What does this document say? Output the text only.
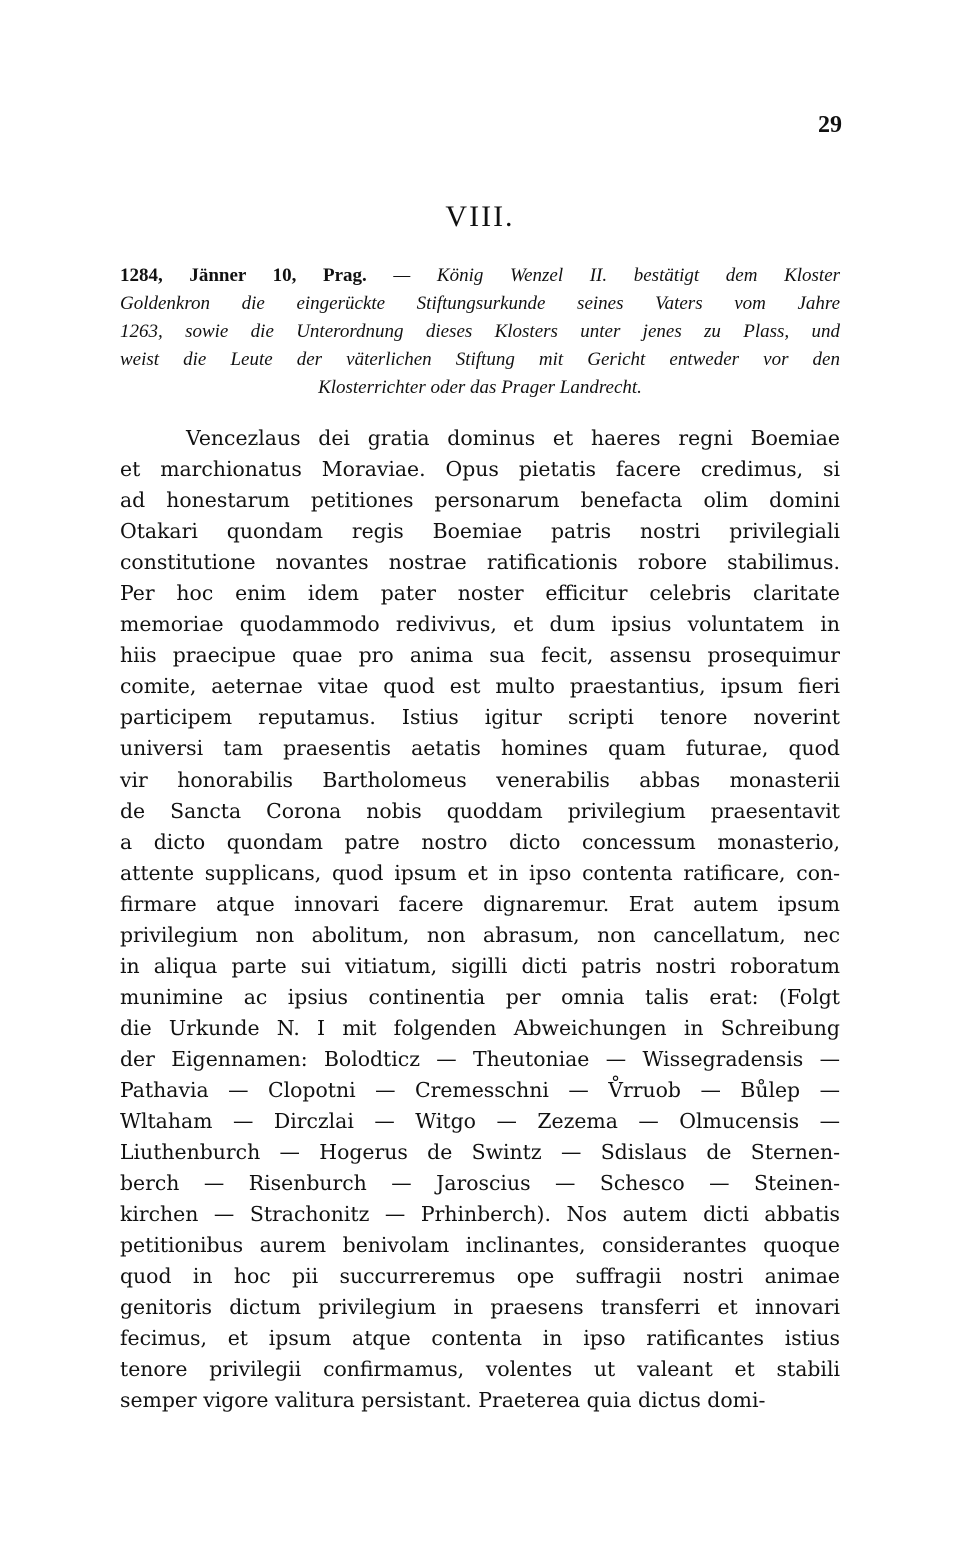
29
VIII.
1284, Jänner 10, Prag. — König Wenzel II. bestätigt dem Kloster
Goldenkron die eingerückte Stiftungsurkunde seines Vaters vom Jahre
1263, sowie die Unterordnung dieses Klosters unter jenes zu Plass, und
weist die Leute der väterlichen Stiftung mit Gericht entweder vor den
Klosterrichter oder das Prager Landrecht.
Vencezlaus dei gratia dominus et haeres regni Boemiae
et marchionatus Moraviae. Opus pietatis facere credimus, si
ad honestarum petitiones personarum benefacta olim domini
Otakari quondam regis Boemiae patris nostri privilegiali
constitutione novantes nostrae ratificationis robore stabilimus.
Per hoc enim idem pater noster efficitur celebris claritate
memoriae quodammodo redivivus, et dum ipsius voluntatem in
hiis praecipue quae pro anima sua fecit, assensu prosequimur
comite, aeternae vitae quod est multo praestantius, ipsum fieri
participem reputamus. Istius igitur scripti tenore noverint
universi tam praesentis aetatis homines quam futurae, quod
vir honorabilis Bartholomeus venerabilis abbas monasterii
de Sancta Corona nobis quoddam privilegium praesentavit
a dicto quondam patre nostro dicto concessum monasterio,
attente supplicans, quod ipsum et in ipso contenta ratificare, con-
firmare atque innovari facere dignaremur. Erat autem ipsum
privilegium non abolitum, non abrasum, non cancellatum, nec
in aliqua parte sui vitiatum, sigilli dicti patris nostri roboratum
munimine ac ipsius continentia per omnia talis erat: (Folgt
die Urkunde N. I mit folgenden Abweichungen in Schreibung
der Eigennamen: Bolodticz — Theutoniae — Wissegradensis —
Pathavia — Clopotni — Cremesschni — V̊rruob — Bůlep —
Wltaham — Dirczlai — Witgo — Zezema — Olmucensis —
Liuthenburch — Hogerus de Swintz — Sdislaus de Sternen-
berch — Risenburch — Jaroscius — Schesco — Steinen-
kirchen — Strachonitz — Prhinberch). Nos autem dicti abbatis
petitionibus aurem benivolam inclinantes, considerantes quoque
quod in hoc pii succurreremus ope suffragii nostri animae
genitoris dictum privilegium in praesens transferri et innovari
fecimus, et ipsum atque contenta in ipso ratificantes istius
tenore privilegii confirmamus, volentes ut valeant et stabili
semper vigore valitura persistant. Praeterea quia dictus domi-
